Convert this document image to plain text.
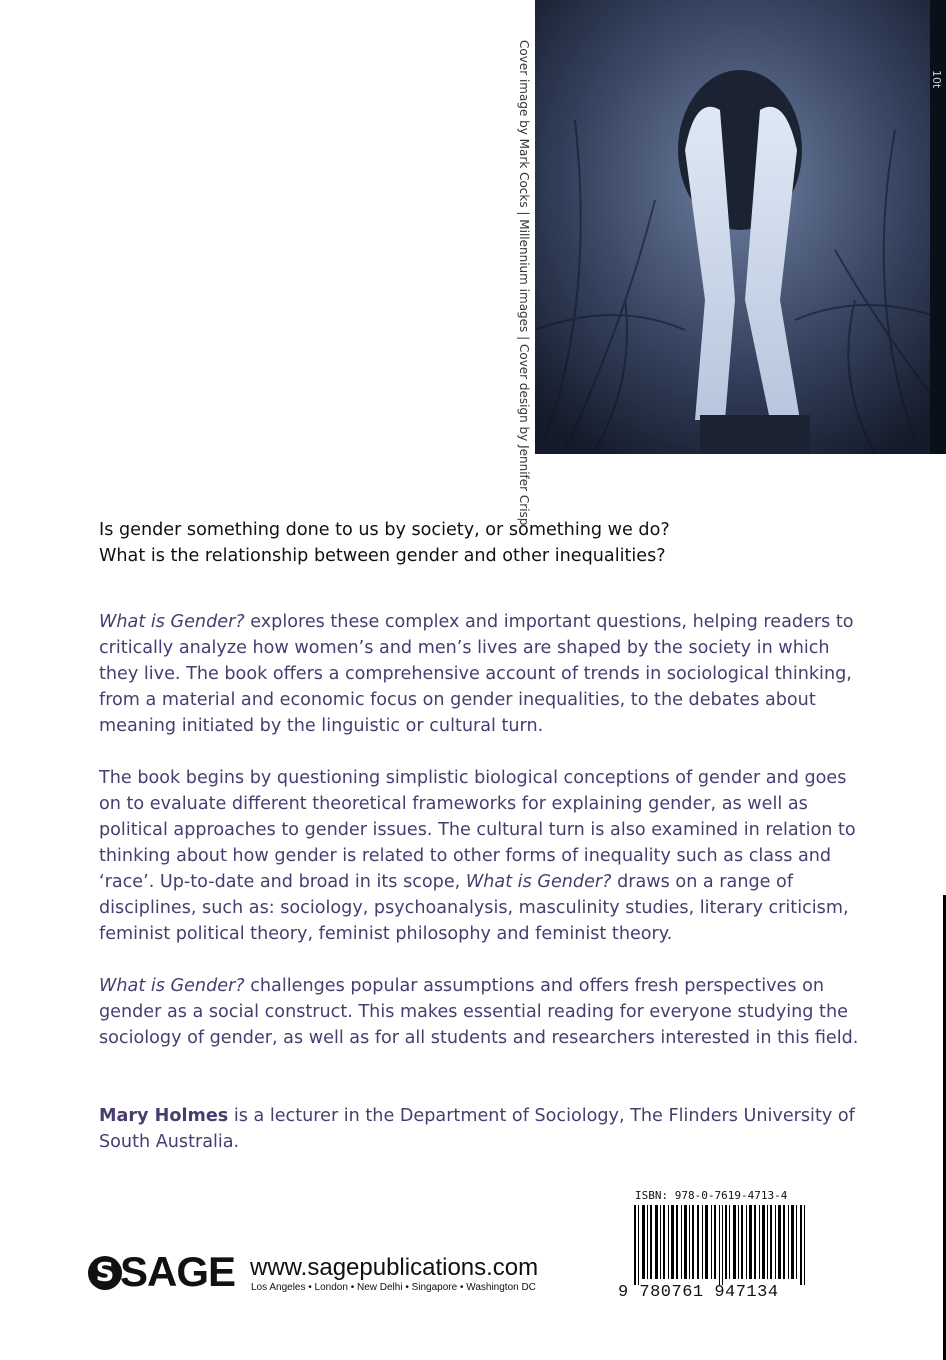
10t
Cover image by Mark Cocks | Millennium images | Cover design by Jennifer Crisp
Is gender something done to us by society, or something we do?
What is the relationship between gender and other inequalities?
What is Gender? explores these complex and important questions, helping readers to critically analyze how women’s and men’s lives are shaped by the society in which they live. The book offers a comprehensive account of trends in sociological thinking, from a material and economic focus on gender inequalities, to the debates about meaning initiated by the linguistic or cultural turn.
The book begins by questioning simplistic biological conceptions of gender and goes on to evaluate different theoretical frameworks for explaining gender, as well as political approaches to gender issues. The cultural turn is also examined in relation to thinking about how gender is related to other forms of inequality such as class and ‘race’. Up-to-date and broad in its scope, What is Gender? draws on a range of disciplines, such as: sociology, psychoanalysis, masculinity studies, literary criticism, feminist political theory, feminist philosophy and feminist theory.
What is Gender? challenges popular assumptions and offers fresh perspectives on gender as a social construct. This makes essential reading for everyone studying the sociology of gender, as well as for all students and researchers interested in this field.
Mary Holmes is a lecturer in the Department of Sociology, The Flinders University of South Australia.
S SAGE www.sagepublications.com
Los Angeles • London • New Delhi • Singapore • Washington DC
ISBN: 978-0-7619-4713-4
9 780761 947134
